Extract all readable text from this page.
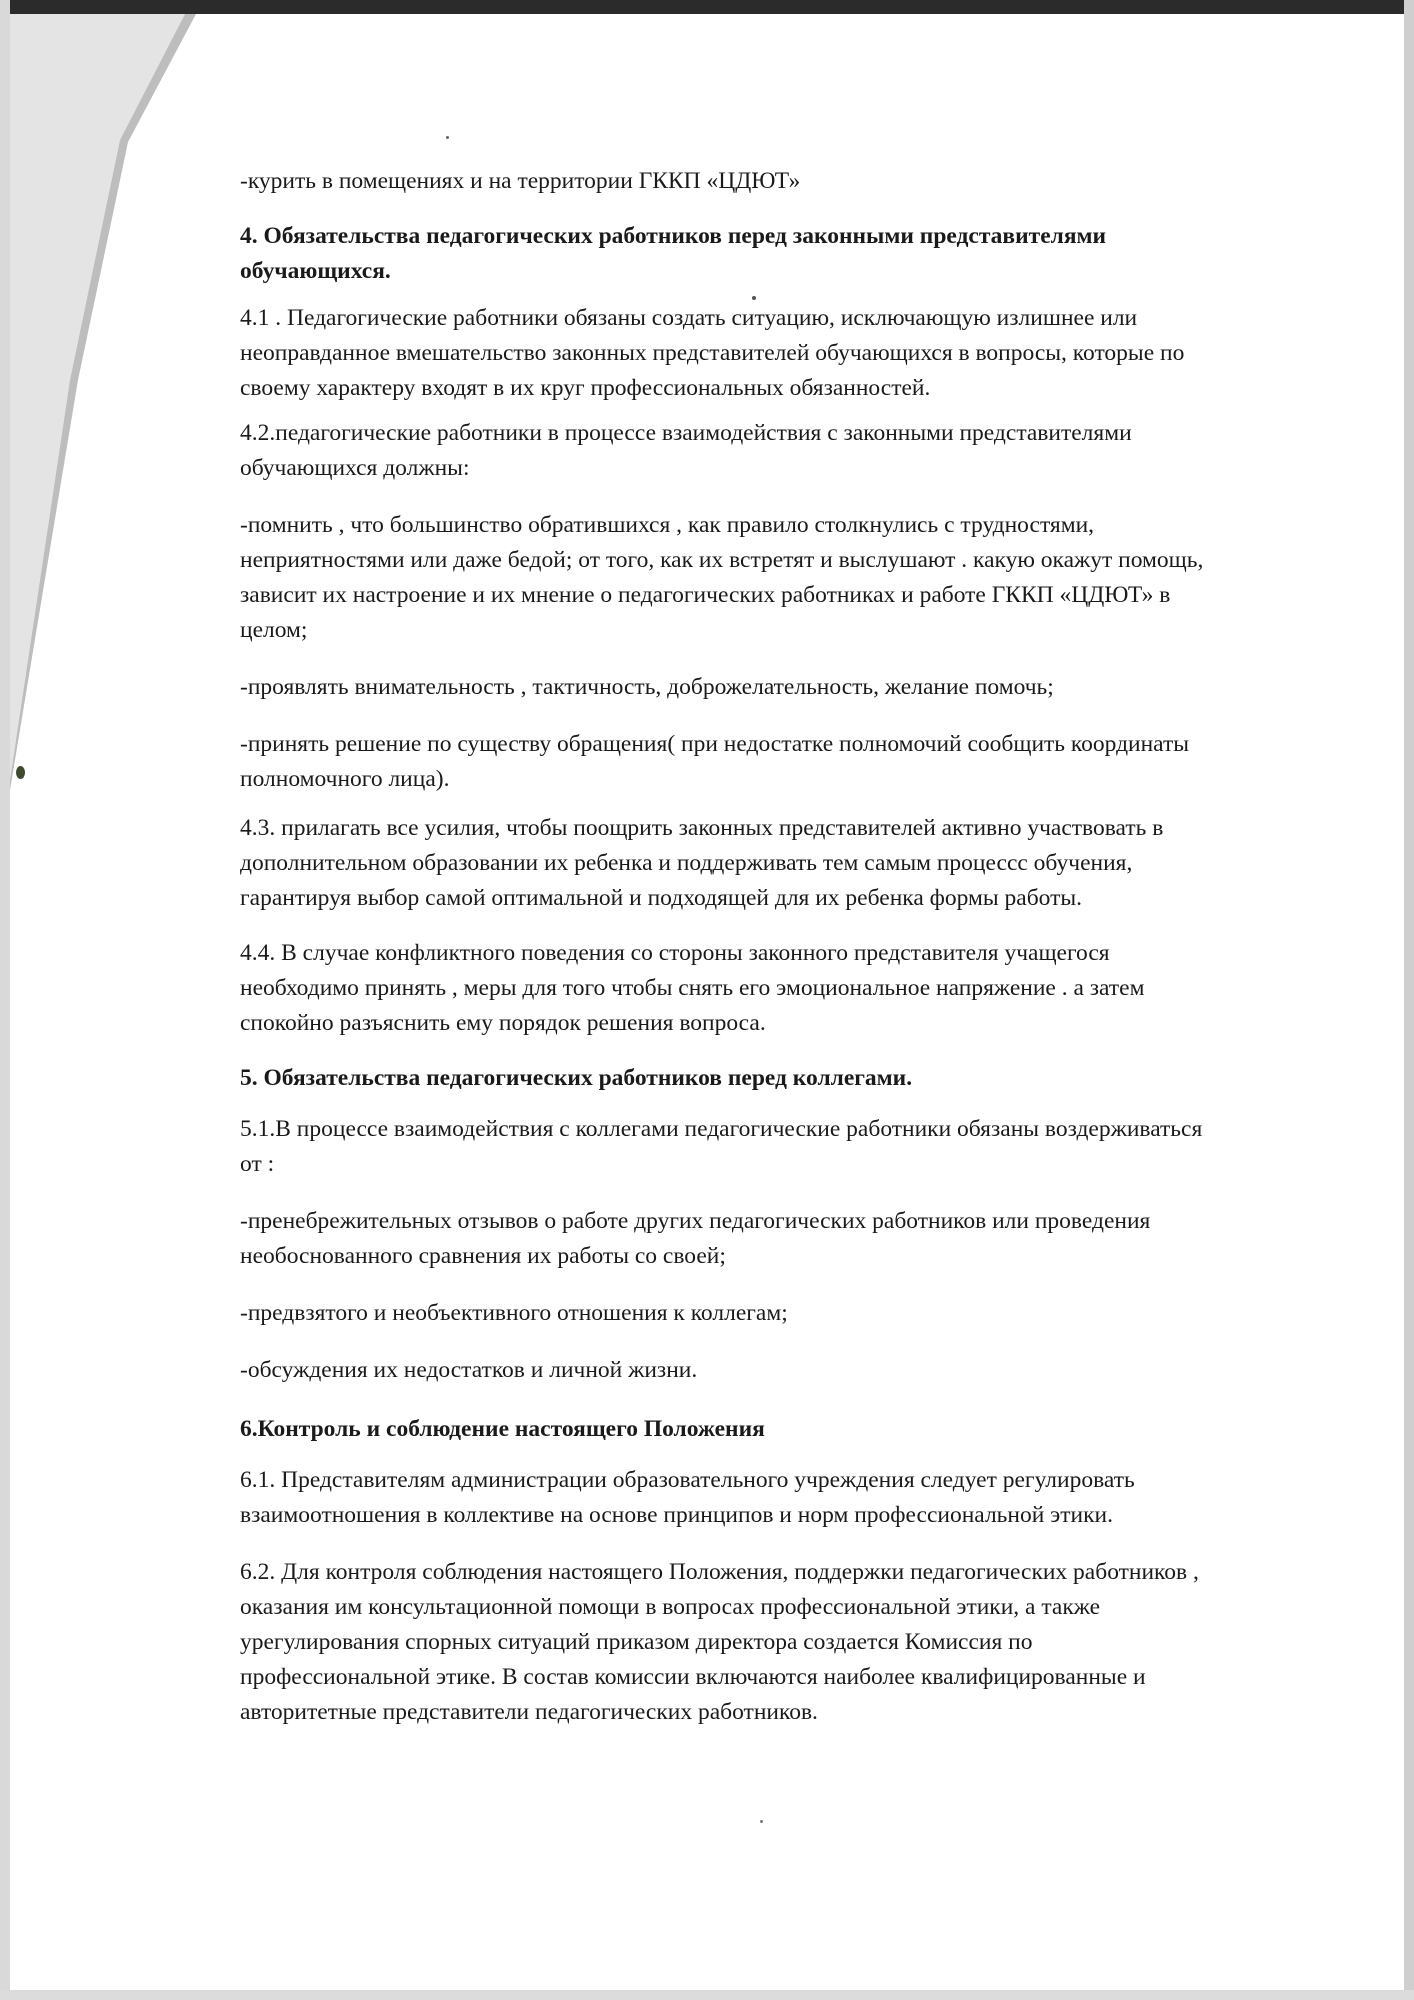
-курить в помещениях и на территории ГККП «ЦДЮТ»

4. Обязательства педагогических работников перед законными представителями

обучающихся.

4.1 . Педагогические работники обязаны создать ситуацию, исключающую излишнее или

неоправданное вмешательство законных представителей обучающихся в вопросы, которые по

своему характеру входят в их круг профессиональных обязанностей.

4.2.педагогические работники в процессе взаимодействия с законными представителями

обучающихся должны:

-помнить , что большинство обратившихся , как правило столкнулись с трудностями,

неприятностями или даже бедой; от того, как их встретят и выслушают . какую окажут помощь,

зависит их настроение и их мнение о педагогических работниках и работе ГККП «ЦДЮТ» в

целом;

-проявлять внимательность , тактичность, доброжелательность, желание помочь;

-принять решение по существу обращения( при недостатке полномочий сообщить координаты

полномочного лица).

4.3. прилагать все усилия, чтобы поощрить законных представителей активно участвовать в

дополнительном образовании их ребенка и поддерживать тем самым процессс обучения,

гарантируя выбор самой оптимальной и подходящей для их ребенка формы работы.

4.4. В случае конфликтного поведения со стороны законного представителя учащегося

необходимо принять , меры для того чтобы снять его эмоциональное напряжение . а затем

спокойно разъяснить ему порядок решения вопроса.

5. Обязательства педагогических работников перед коллегами.

5.1.В процессе взаимодействия с коллегами педагогические работники обязаны воздерживаться

от :

-пренебрежительных отзывов о работе других педагогических работников или проведения

необоснованного сравнения их работы со своей;

-предвзятого и необъективного отношения к коллегам;

-обсуждения их недостатков и личной жизни.

6.Контроль и соблюдение настоящего Положения

6.1. Представителям администрации образовательного учреждения следует регулировать

взаимоотношения в коллективе на основе принципов и норм профессиональной этики.

6.2. Для контроля соблюдения настоящего Положения, поддержки педагогических работников ,

оказания им консультационной помощи в вопросах профессиональной этики, а также

урегулирования спорных ситуаций приказом директора создается Комиссия по

профессиональной этике. В состав комиссии включаются наиболее квалифицированные и

авторитетные представители педагогических работников.
